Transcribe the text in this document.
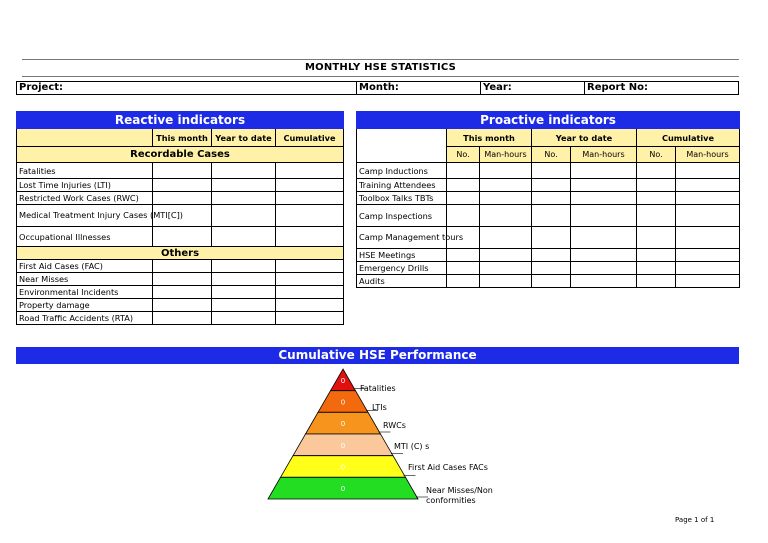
MONTHLY HSE STATISTICS
Project:	Month:	Year:	Report No:
Reactive indicators			
	This month	Year to date	Cumulative
Recordable Cases			
Fatalities			
Lost Time Injuries (LTI)			
Restricted Work Cases (RWC)			
Medical Treatment Injury Cases (MTI[C])			
Occupational Illnesses			
Others			
First Aid Cases (FAC)			
Near Misses			
Environmental Incidents			
Property damage			
Road Traffic Accidents (RTA)			
Proactive indicators						
	This month		Year to date		Cumulative	
	No.	Man-hours	No.	Man-hours	No.	Man-hours
Camp Inductions						
Training Attendees						
Toolbox Talks TBTs						
Camp Inspections						
Camp Management tours						
HSE Meetings						
Emergency Drills						
Audits						
Cumulative HSE Performance
0
0
0
0
0
0
Fatalities
LTIs
RWCs
MTI (C) s
First Aid Cases FACs
Near Misses/Non conformities
Page 1 of 1
